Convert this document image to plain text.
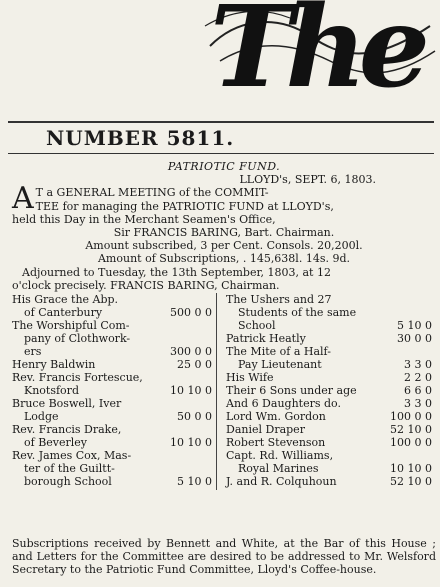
The
NUMBER 5811.
PATRIOTIC FUND.
LLOYD's, SEPT. 6, 1803.

A T a GENERAL MEETING of the COMMIT-
TEE for managing the PATRIOTIC FUND at LLOYD's,
held this Day in the Merchant Seamen's Office,

Sir FRANCIS BARING, Bart. Chairman.
Amount subscribed, 3 per Cent. Consols. 20,200l.
Amount of Subscriptions, . 145,638l. 14s. 9d.
Adjourned to Tuesday, the 13th September, 1803, at 12
o'clock precisely. FRANCIS BARING, Chairman.
His Grace the Abp.
of Canterbury	500 0 0
The Worshipful Com-
pany of Clothwork-
ers	300 0 0
Henry Baldwin	25 0 0
Rev. Francis Fortescue,
Knotsford	10 10 0
Bruce Boswell, Iver
Lodge	50 0 0
Rev. Francis Drake,
of Beverley	10 10 0
Rev. James Cox, Mas-
ter of the Guiltt-
borough School	5 10 0
The Ushers and 27
Students of the same
School	5 10 0
Patrick Heatly	30 0 0
The Mite of a Half-
Pay Lieutenant	3 3 0
His Wife	2 2 0
Their 6 Sons under age	6 6 0
And 6 Daughters do.	3 3 0
Lord Wm. Gordon	100 0 0
Daniel Draper	52 10 0
Robert Stevenson	100 0 0
Capt. Rd. Williams,
Royal Marines	10 10 0
J. and R. Colquhoun	52 10 0
Subscriptions received by Bennett and White, at the Bar of this House ; and Letters for the Committee are desired to be addressed to Mr. Welsford Secretary to the Patriotic Fund Committee, Lloyd's Coffee-house.
